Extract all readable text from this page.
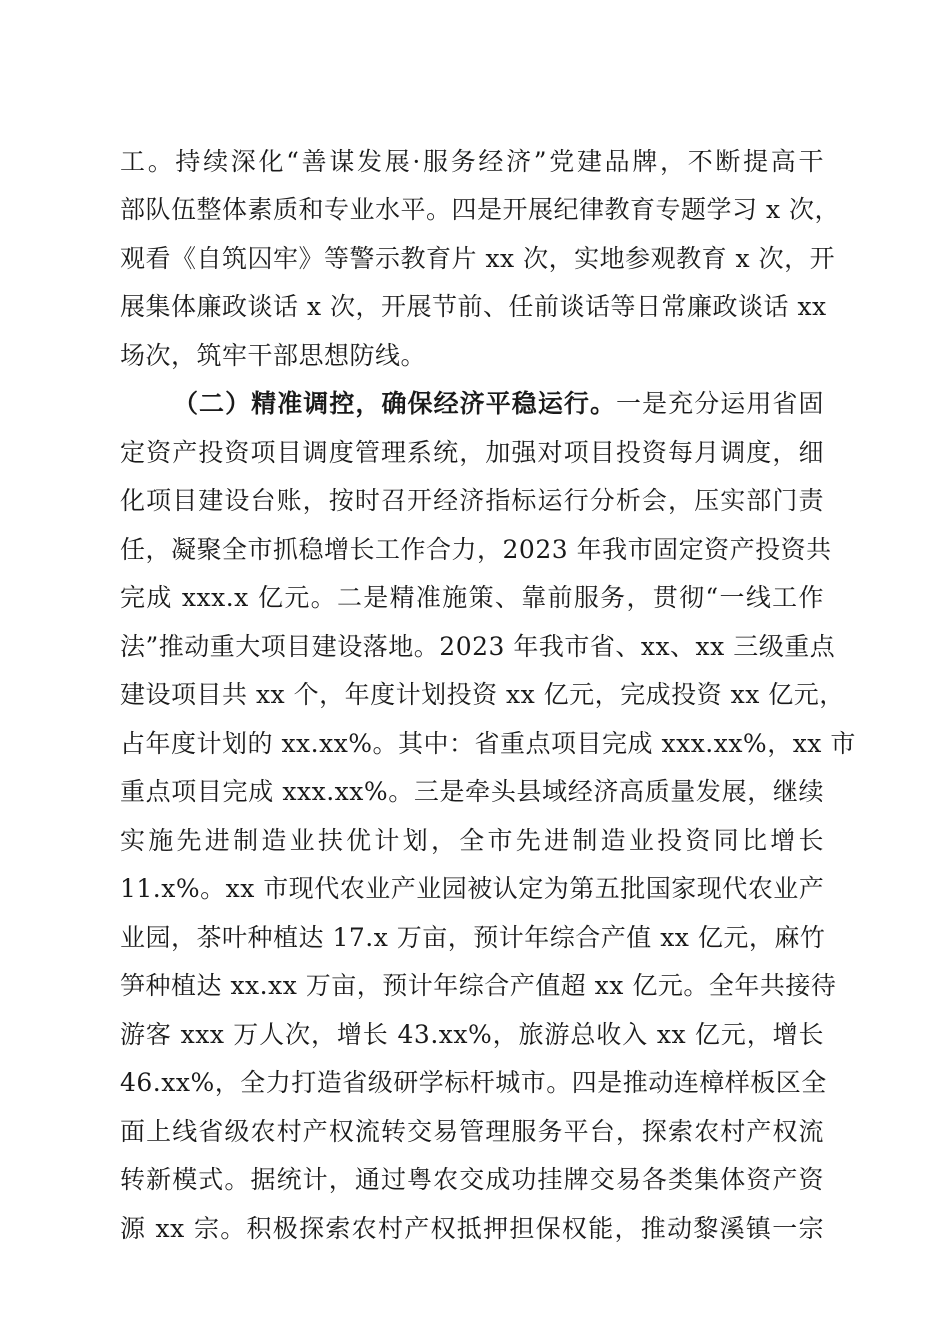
工。持续深化“善谋发展·服务经济”党建品牌，不断提高干
部队伍整体素质和专业水平。四是开展纪律教育专题学习 x 次，
观看《自筑囚牢》等警示教育片 xx 次，实地参观教育 x 次，开
展集体廉政谈话 x 次，开展节前、任前谈话等日常廉政谈话 xx
场次，筑牢干部思想防线。
（二）精准调控，确保经济平稳运行。一是充分运用省固
定资产投资项目调度管理系统，加强对项目投资每月调度，细
化项目建设台账，按时召开经济指标运行分析会，压实部门责
任，凝聚全市抓稳增长工作合力，2023 年我市固定资产投资共
完成 xxx.x 亿元。二是精准施策、靠前服务，贯彻“一线工作
法”推动重大项目建设落地。2023 年我市省、xx、xx 三级重点
建设项目共 xx 个，年度计划投资 xx 亿元，完成投资 xx 亿元，
占年度计划的 xx.xx%。其中：省重点项目完成 xxx.xx%，xx 市
重点项目完成 xxx.xx%。三是牵头县域经济高质量发展，继续
实施先进制造业扶优计划，全市先进制造业投资同比增长
11.x%。xx 市现代农业产业园被认定为第五批国家现代农业产
业园，茶叶种植达 17.x 万亩，预计年综合产值 xx 亿元，麻竹
笋种植达 xx.xx 万亩，预计年综合产值超 xx 亿元。全年共接待
游客 xxx 万人次，增长 43.xx%，旅游总收入 xx 亿元，增长
46.xx%，全力打造省级研学标杆城市。四是推动连樟样板区全
面上线省级农村产权流转交易管理服务平台，探索农村产权流
转新模式。据统计，通过粤农交成功挂牌交易各类集体资产资
源 xx 宗。积极探索农村产权抵押担保权能，推动黎溪镇一宗
